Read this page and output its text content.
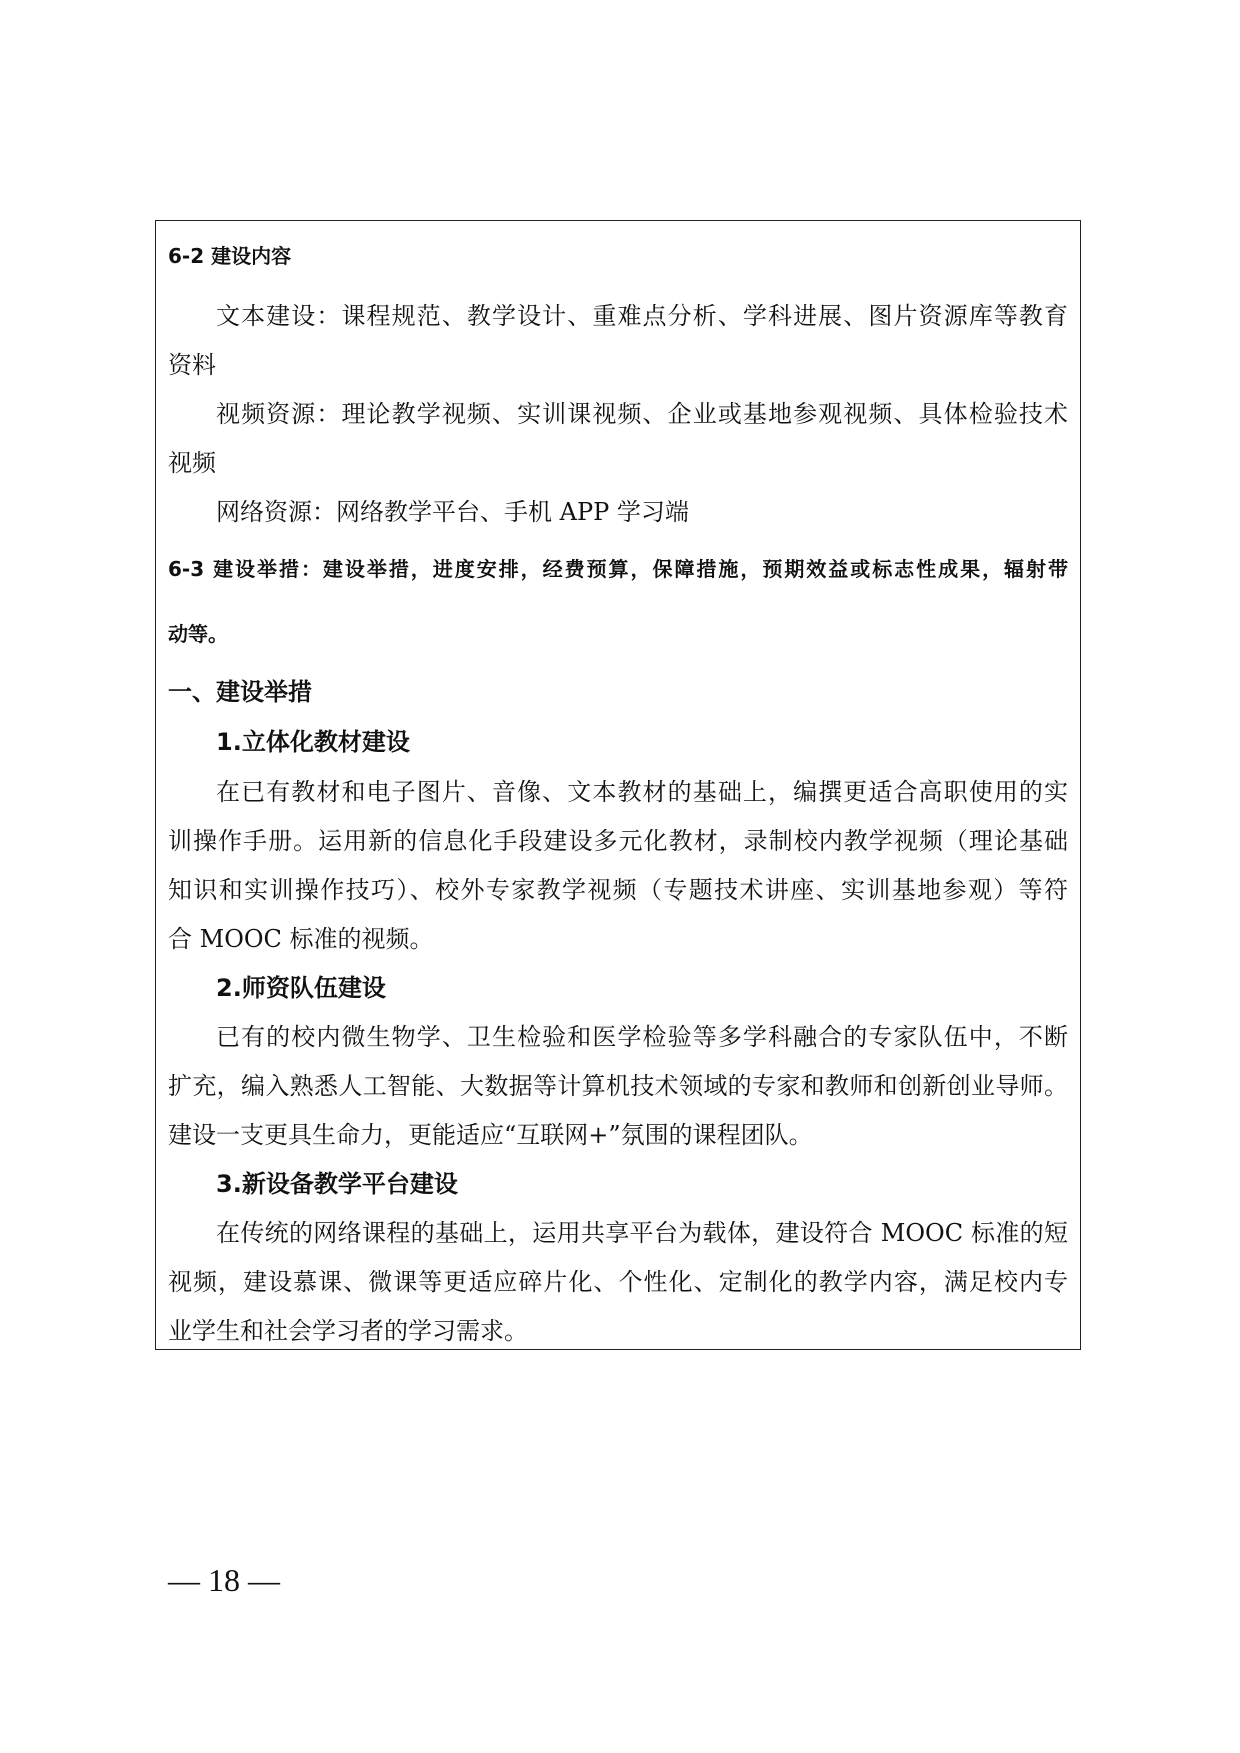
6-2 建设内容
文本建设：课程规范、教学设计、重难点分析、学科进展、图片资源库等教育
资料
视频资源：理论教学视频、实训课视频、企业或基地参观视频、具体检验技术
视频
网络资源：网络教学平台、手机 APP 学习端
6-3 建设举措：建设举措，进度安排，经费预算，保障措施，预期效益或标志性成果，辐射带
动等。
一、建设举措
1.立体化教材建设
在已有教材和电子图片、音像、文本教材的基础上，编撰更适合高职使用的实
训操作手册。运用新的信息化手段建设多元化教材，录制校内教学视频（理论基础
知识和实训操作技巧）、校外专家教学视频（专题技术讲座、实训基地参观）等符
合 MOOC 标准的视频。
2.师资队伍建设
已有的校内微生物学、卫生检验和医学检验等多学科融合的专家队伍中，不断
扩充，编入熟悉人工智能、大数据等计算机技术领域的专家和教师和创新创业导师。
建设一支更具生命力，更能适应“互联网+”氛围的课程团队。
3.新设备教学平台建设
在传统的网络课程的基础上，运用共享平台为载体，建设符合 MOOC 标准的短
视频，建设慕课、微课等更适应碎片化、个性化、定制化的教学内容，满足校内专
业学生和社会学习者的学习需求。
— 18 —
